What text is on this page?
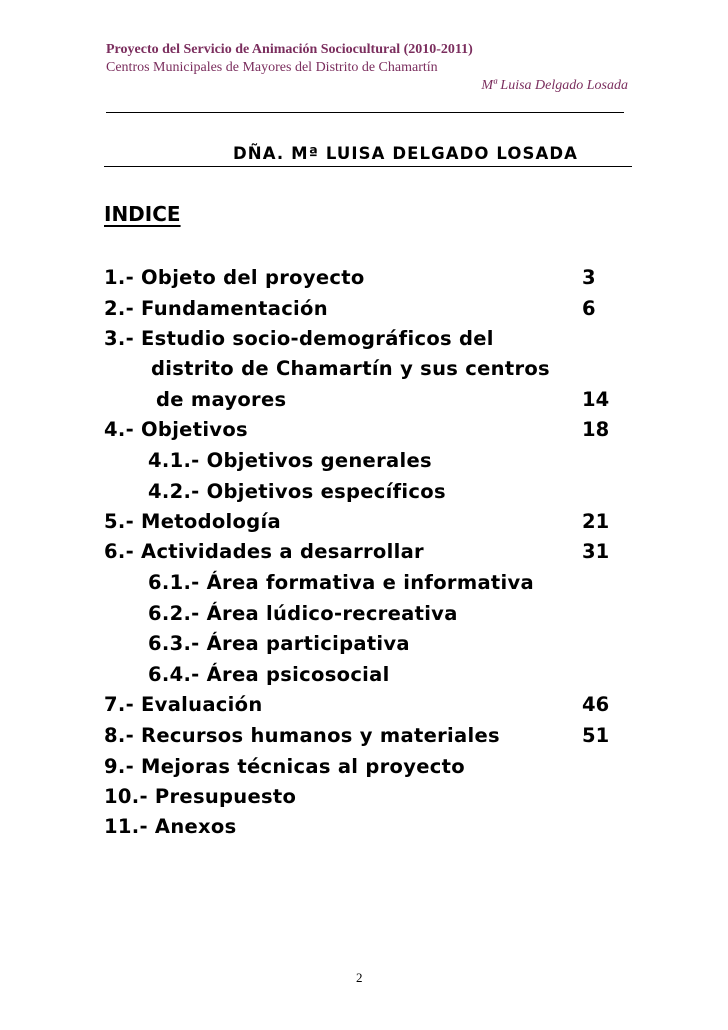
Proyecto del Servicio de Animación Sociocultural (2010-2011)
Centros Municipales de Mayores del Distrito de Chamartín
Mª Luisa Delgado Losada
DÑA. Mª LUISA DELGADO LOSADA
INDICE
1.- Objeto del proyecto	3
2.- Fundamentación	6
3.- Estudio socio-demográficos del
distrito de Chamartín y sus centros
de mayores	14
4.- Objetivos	18
4.1.- Objetivos generales
4.2.- Objetivos específicos
5.- Metodología	21
6.- Actividades a desarrollar	31
6.1.- Área formativa e informativa
6.2.- Área lúdico-recreativa
6.3.- Área participativa
6.4.- Área psicosocial
7.- Evaluación	46
8.- Recursos humanos y materiales	51
9.- Mejoras técnicas al proyecto
10.- Presupuesto
11.- Anexos
2
